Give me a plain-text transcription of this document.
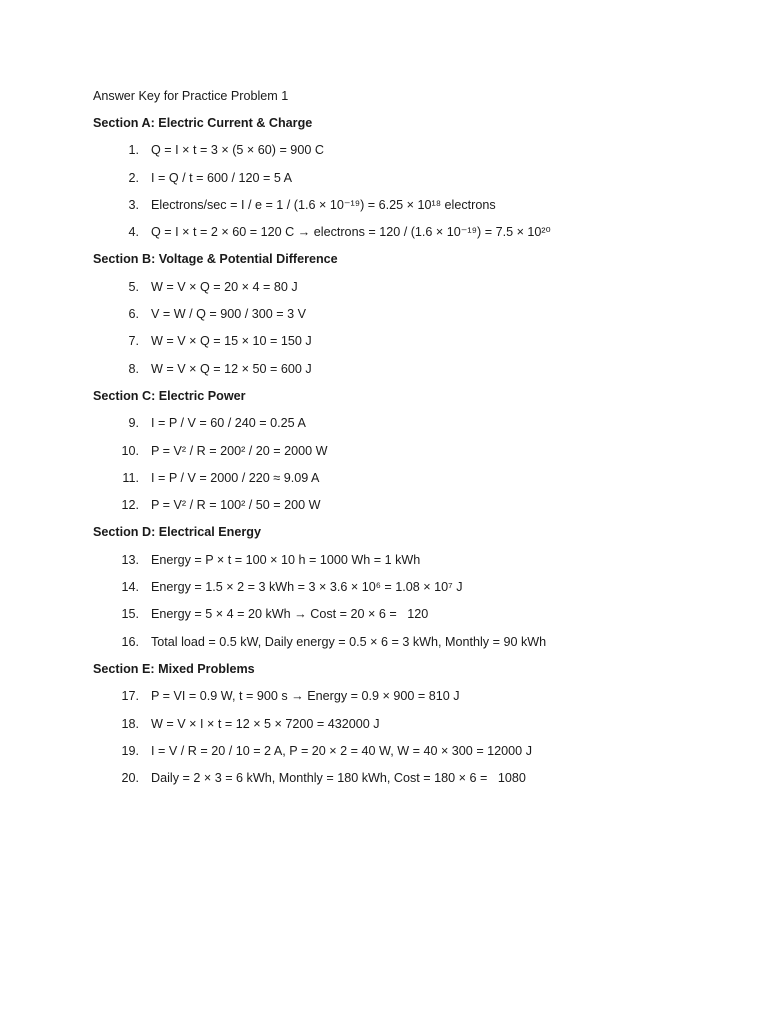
Answer Key for Practice Problem 1
Section A: Electric Current & Charge
1. Q = I × t = 3 × (5 × 60) = 900 C
2. I = Q / t = 600 / 120 = 5 A
3. Electrons/sec = I / e = 1 / (1.6 × 10⁻¹⁹) = 6.25 × 10¹⁸ electrons
4. Q = I × t = 2 × 60 = 120 C → electrons = 120 / (1.6 × 10⁻¹⁹) = 7.5 × 10²⁰
Section B: Voltage & Potential Difference
5. W = V × Q = 20 × 4 = 80 J
6. V = W / Q = 900 / 300 = 3 V
7. W = V × Q = 15 × 10 = 150 J
8. W = V × Q = 12 × 50 = 600 J
Section C: Electric Power
9. I = P / V = 60 / 240 = 0.25 A
10. P = V² / R = 200² / 20 = 2000 W
11. I = P / V = 2000 / 220 ≈ 9.09 A
12. P = V² / R = 100² / 50 = 200 W
Section D: Electrical Energy
13. Energy = P × t = 100 × 10 h = 1000 Wh = 1 kWh
14. Energy = 1.5 × 2 = 3 kWh = 3 × 3.6 × 10⁶ = 1.08 × 10⁷ J
15. Energy = 5 × 4 = 20 kWh → Cost = 20 × 6 =   120
16. Total load = 0.5 kW, Daily energy = 0.5 × 6 = 3 kWh, Monthly = 90 kWh
Section E: Mixed Problems
17. P = VI = 0.9 W, t = 900 s → Energy = 0.9 × 900 = 810 J
18. W = V × I × t = 12 × 5 × 7200 = 432000 J
19. I = V / R = 20 / 10 = 2 A, P = 20 × 2 = 40 W, W = 40 × 300 = 12000 J
20. Daily = 2 × 3 = 6 kWh, Monthly = 180 kWh, Cost = 180 × 6 =   1080
